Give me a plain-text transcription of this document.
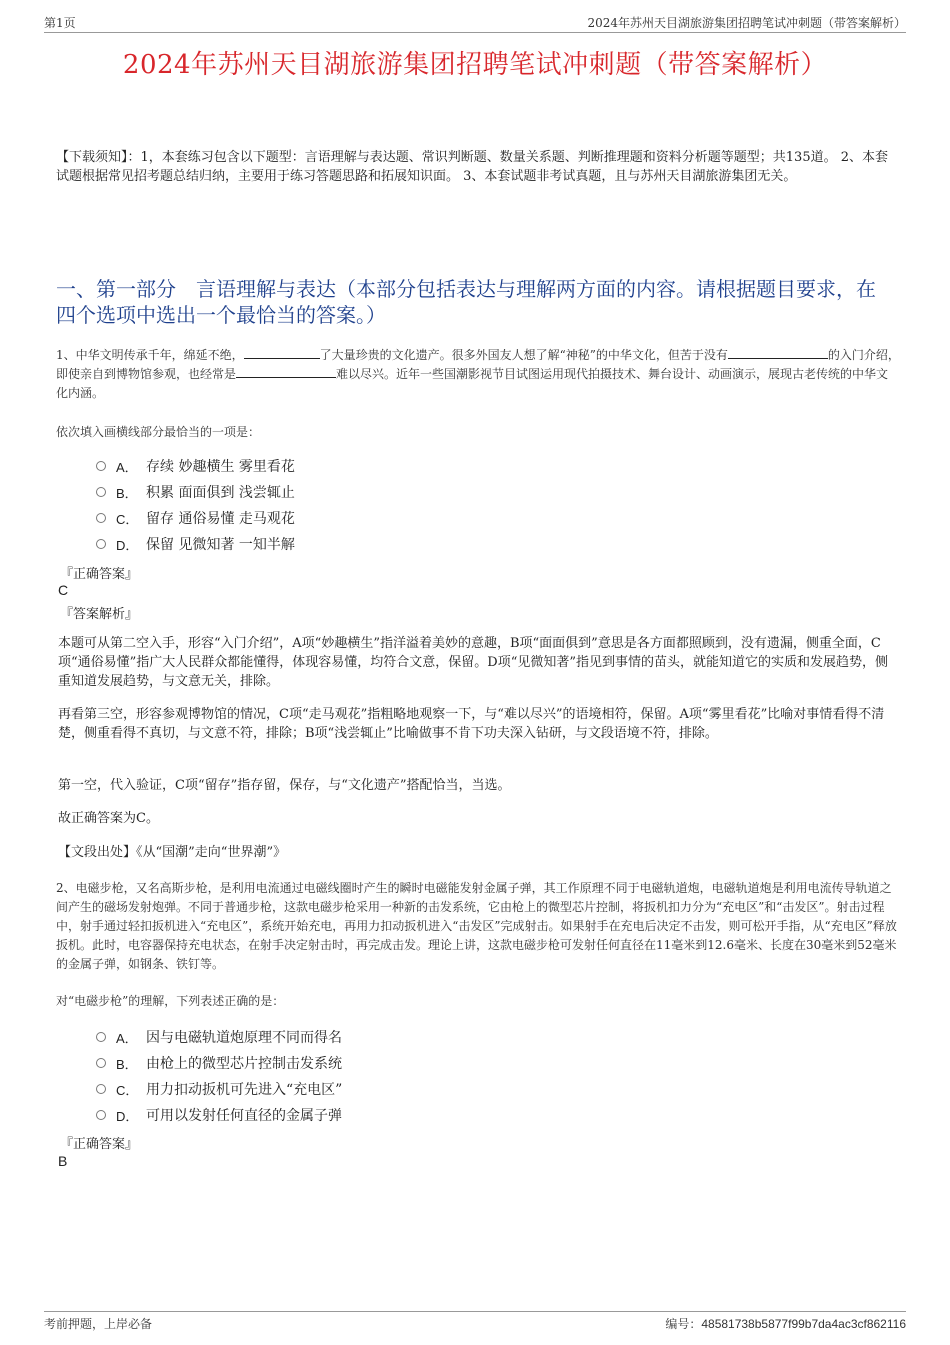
第1页	2024年苏州天目湖旅游集团招聘笔试冲刺题（带答案解析）
2024年苏州天目湖旅游集团招聘笔试冲刺题（带答案解析）
【下载须知】：1，本套练习包含以下题型：言语理解与表达题、常识判断题、数量关系题、判断推理题和资料分析题等题型；共135道。 2、本套试题根据常见招考题总结归纳，主要用于练习答题思路和拓展知识面。 3、本套试题非考试真题，且与苏州天目湖旅游集团无关。
一、第一部分　言语理解与表达（本部分包括表达与理解两方面的内容。请根据题目要求，在四个选项中选出一个最恰当的答案。）
1、中华文明传承千年，绵延不绝，	了大量珍贵的文化遗产。很多外国友人想了解“神秘”的中华文化，但苦于没有	的入门介绍，即使亲自到博物馆参观，也经常是	难以尽兴。近年一些国潮影视节目试图运用现代拍摄技术、舞台设计、动画演示，展现古老传统的中华文化内涵。
依次填入画横线部分最恰当的一项是：
A． 存续 妙趣横生 雾里看花
B． 积累 面面俱到 浅尝辄止
C． 留存 通俗易懂 走马观花
D． 保留 见微知著 一知半解
『正确答案』
C
『答案解析』
本题可从第二空入手，形容“入门介绍”，A项“妙趣横生”指洋溢着美妙的意趣，B项“面面俱到”意思是各方面都照顾到，没有遗漏，侧重全面，C项“通俗易懂”指广大人民群众都能懂得，体现容易懂，均符合文意，保留。D项“见微知著”指见到事情的苗头，就能知道它的实质和发展趋势，侧重知道发展趋势，与文意无关，排除。
再看第三空，形容参观博物馆的情况，C项“走马观花”指粗略地观察一下，与“难以尽兴”的语境相符，保留。A项“雾里看花”比喻对事情看得不清楚，侧重看得不真切，与文意不符，排除；B项“浅尝辄止”比喻做事不肯下功夫深入钻研，与文段语境不符，排除。
第一空，代入验证，C项“留存”指存留，保存，与“文化遗产”搭配恰当，当选。
故正确答案为C。
【文段出处】《从“国潮”走向“世界潮”》
2、电磁步枪，又名高斯步枪，是利用电流通过电磁线圈时产生的瞬时电磁能发射金属子弹，其工作原理不同于电磁轨道炮，电磁轨道炮是利用电流传导轨道之间产生的磁场发射炮弹。不同于普通步枪，这款电磁步枪采用一种新的击发系统，它由枪上的微型芯片控制，将扳机扣力分为“充电区”和“击发区”。射击过程中，射手通过轻扣扳机进入“充电区”，系统开始充电，再用力扣动扳机进入“击发区”完成射击。如果射手在充电后决定不击发，则可松开手指，从“充电区”释放扳机。此时，电容器保持充电状态，在射手决定射击时，再完成击发。理论上讲，这款电磁步枪可发射任何直径在11毫米到12.6毫米、长度在30毫米到52毫米的金属子弹，如钢条、铁钉等。
对“电磁步枪”的理解，下列表述正确的是：
A． 因与电磁轨道炮原理不同而得名
B． 由枪上的微型芯片控制击发系统
C． 用力扣动扳机可先进入“充电区”
D． 可用以发射任何直径的金属子弹
『正确答案』
B
考前押题，上岸必备	编号：48581738b5877f99b7da4ac3cf862116
